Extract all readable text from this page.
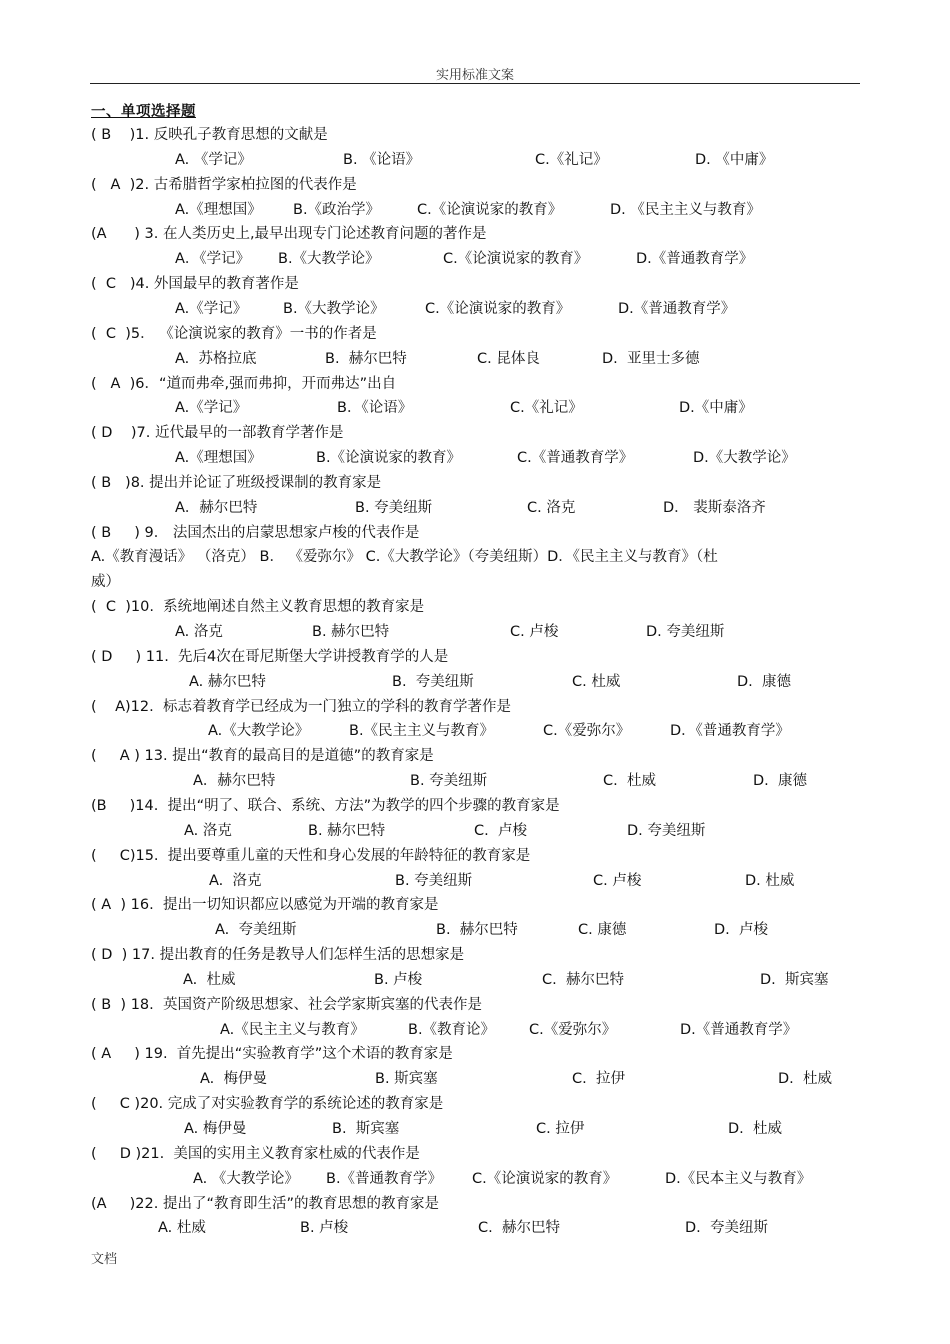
实用标准文案
一、单项选择题
( B    )1. 反映孔子教育思想的文献是
A. 《学记》	B. 《论语》	C.《礼记》	D. 《中庸》
(   A  )2. 古希腊哲学家柏拉图的代表作是
A.《理想国》 B.《政治学》	C.《论演说家的教育》	D. 《民主主义与教育》
(A      ) 3. 在人类历史上,最早出现专门论述教育问题的著作是
A．《学记》 B.《大教学论》	C.《论演说家的教育》	D.《普通教育学》
(  C   )4. 外国最早的教育著作是
A.《学记》 B.《大教学论》	C.《论演说家的教育》	D.《普通教育学》
(  C  )5． 《论演说家的教育》一书的作者是
A.  苏格拉底	B.  赫尔巴特	C. 昆体良	D.  亚里士多德
(   A  )6．“道而弗牵,强而弗抑，开而弗达”出自
A.《学记》	B．《论语》	C.《礼记》	D.《中庸》
( D    )7. 近代最早的一部教育学著作是
A.《理想国》	B.《论演说家的教育》	C.《普通教育学》	D.《大教学论》
( B   )8. 提出并论证了班级授课制的教育家是
A．赫尔巴特	B. 夸美纽斯	C. 洛克	D． 裴斯泰洛齐
( B     ) 9． 法国杰出的启蒙思想家卢梭的代表作是
A.《教育漫话》 （洛克） B． 《爱弥尔》 C.《大教学论》（夸美纽斯）D．《民主主义与教育》（杜
威）
(  C  )10.  系统地阐述自然主义教育思想的教育家是
A. 洛克	B. 赫尔巴特	C. 卢梭	D. 夸美纽斯
( D     ) 11.  先后4次在哥尼斯堡大学讲授教育学的人是
A. 赫尔巴特	B.  夸美纽斯	C. 杜威	D.  康德
(    A)12.  标志着教育学已经成为一门独立的学科的教育学著作是
A.《大教学论》	B.《民主主义与教育》	C.《爱弥尔》	D．《普通教育学》
(     A ) 13. 提出“教育的最高目的是道德”的教育家是
A．赫尔巴特	B. 夸美纽斯	C.  杜威	D.  康德
(B     )14.  提出“明了、联合、系统、方法”为教学的四个步骤的教育家是
A. 洛克	B. 赫尔巴特	C.  卢梭	D. 夸美纽斯
(     C)15.  提出要尊重儿童的天性和身心发展的年龄特征的教育家是
A.  洛克	B. 夸美纽斯	C. 卢梭	D. 杜威
( A  ) 16.  提出一切知识都应以感觉为开端的教育家是
A.  夸美纽斯	B.  赫尔巴特	C. 康德	D.  卢梭
( D  ) 17. 提出教育的任务是教导人们怎样生活的思想家是
A.  杜威	B. 卢梭	C.  赫尔巴特	D.  斯宾塞
( B  ) 18.  英国资产阶级思想家、社会学家斯宾塞的代表作是
A.《民主主义与教育》	B.《教育论》 C.《爱弥尔》	D.《普通教育学》
( A     ) 19.  首先提出“实验教育学”这个术语的教育家是
A.  梅伊曼	B. 斯宾塞	C.  拉伊	D.  杜威
(     C )20. 完成了对实验教育学的系统论述的教育家是
A. 梅伊曼	B.  斯宾塞	C. 拉伊	D.  杜威
(     D )21.  美国的实用主义教育家杜威的代表作是
A. 《大教学论》 B.《普通教育学》 C.《论演说家的教育》	D.《民本主义与教育》
(A     )22. 提出了“教育即生活”的教育思想的教育家是
A. 杜威	B. 卢梭	C.  赫尔巴特	D.  夸美纽斯
文档
